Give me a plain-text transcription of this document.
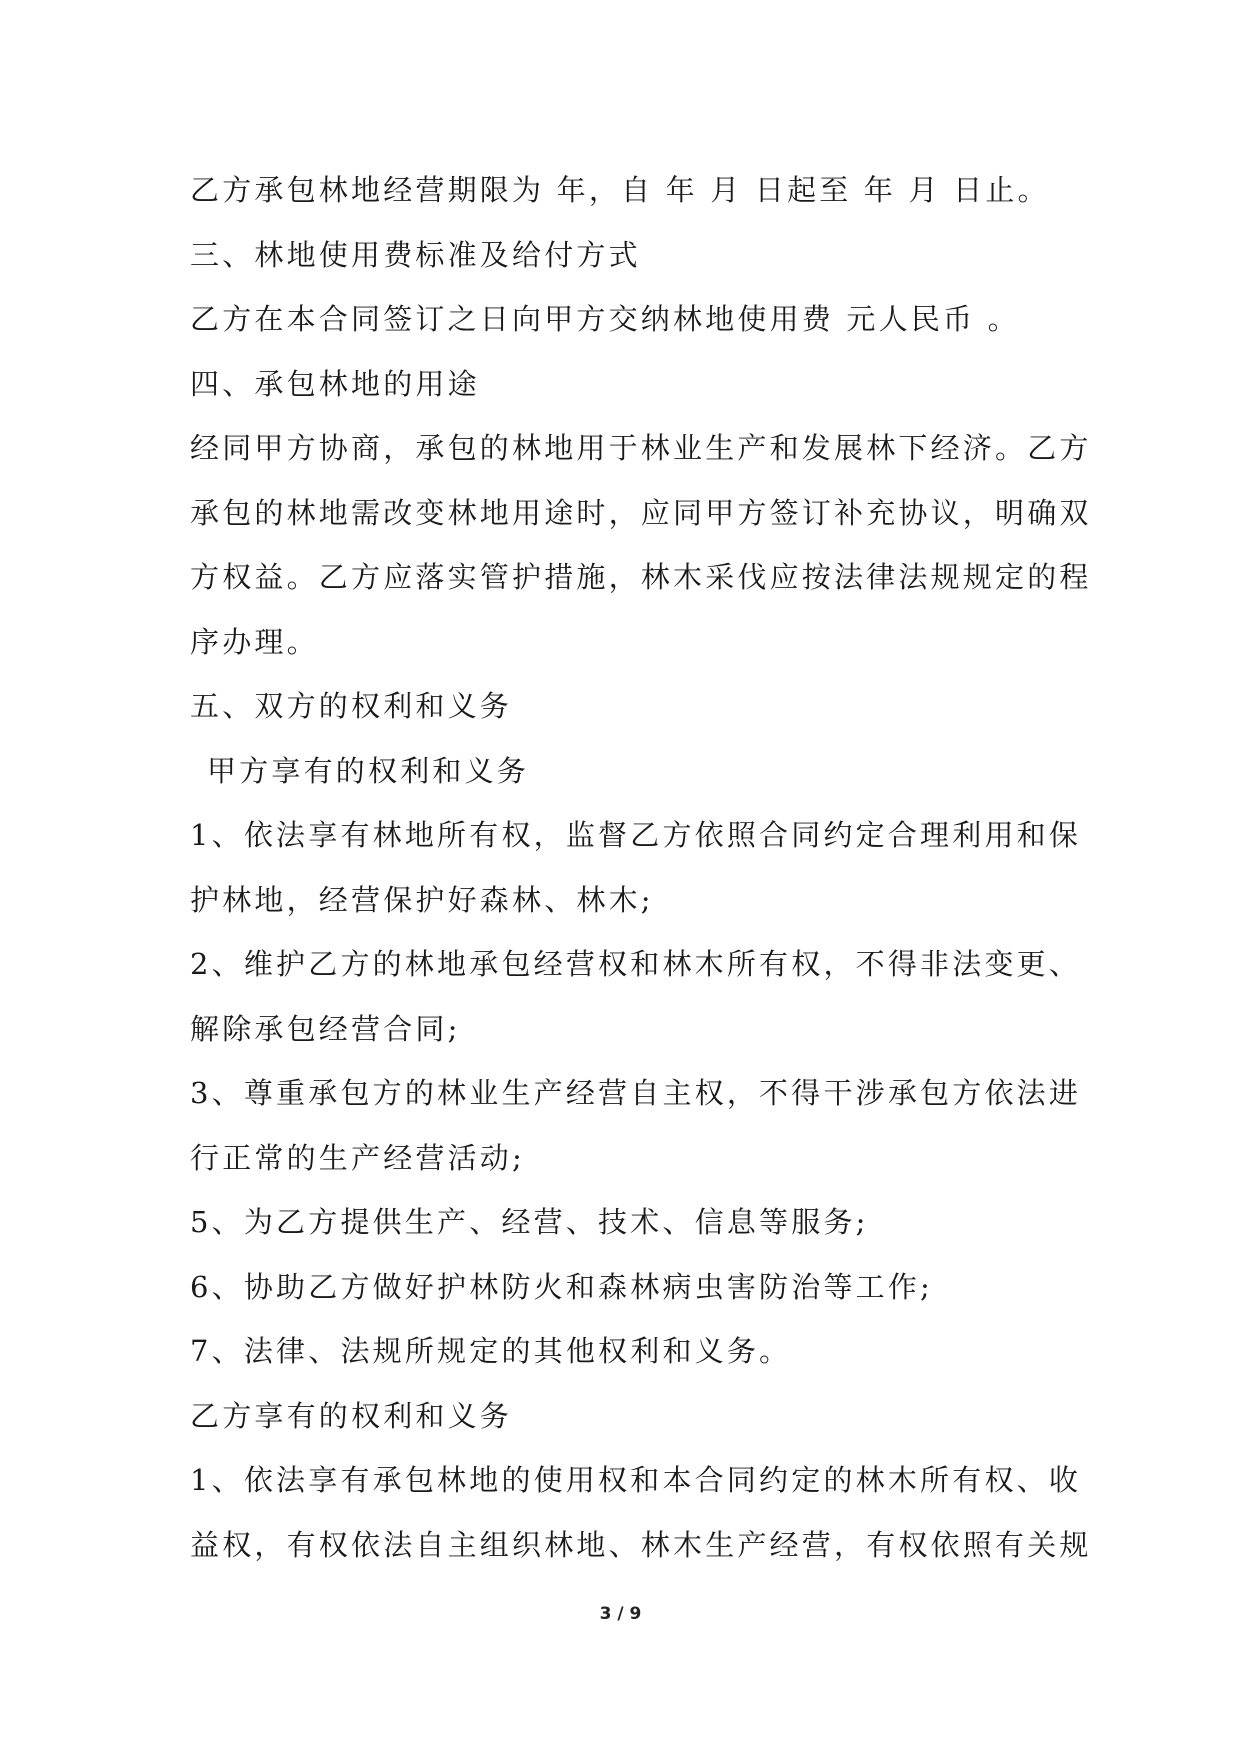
乙方承包林地经营期限为 年，自 年 月 日起至 年 月 日止。
三、林地使用费标准及给付方式
乙方在本合同签订之日向甲方交纳林地使用费 元人民币 。
四、承包林地的用途
经同甲方协商，承包的林地用于林业生产和发展林下经济。乙方
承包的林地需改变林地用途时，应同甲方签订补充协议，明确双
方权益。乙方应落实管护措施，林木采伐应按法律法规规定的程
序办理。
五、双方的权利和义务
甲方享有的权利和义务
1、依法享有林地所有权，监督乙方依照合同约定合理利用和保
护林地，经营保护好森林、林木;
2、维护乙方的林地承包经营权和林木所有权，不得非法变更、
解除承包经营合同;
3、尊重承包方的林业生产经营自主权，不得干涉承包方依法进
行正常的生产经营活动;
5、为乙方提供生产、经营、技术、信息等服务;
6、协助乙方做好护林防火和森林病虫害防治等工作;
7、法律、法规所规定的其他权利和义务。
乙方享有的权利和义务
1、依法享有承包林地的使用权和本合同约定的林木所有权、收
益权，有权依法自主组织林地、林木生产经营，有权依照有关规
3 / 9
